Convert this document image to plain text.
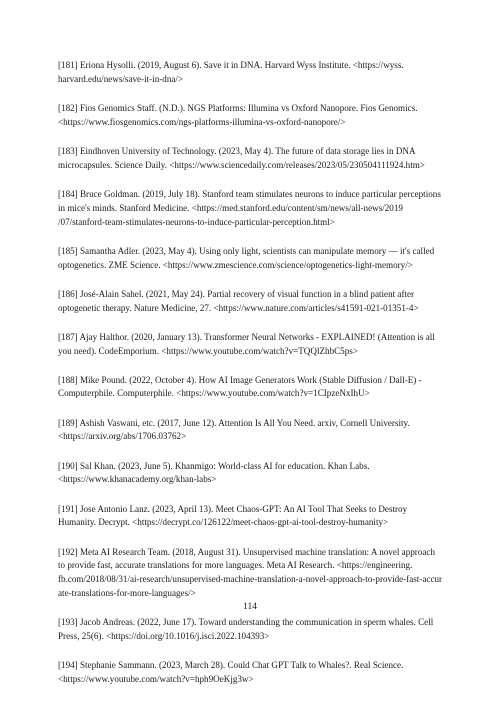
[181] Eriona Hysolli. (2019, August 6). Save it in DNA. Harvard Wyss Institute. <https://wyss.
harvard.edu/news/save-it-in-dna/>
[182] Fios Genomics Staff. (N.D.). NGS Platforms: Illumina vs Oxford Nanopore. Fios Genomics.
<https://www.fiosgenomics.com/ngs-platforms-illumina-vs-oxford-nanopore/>
[183] Eindhoven University of Technology. (2023, May 4). The future of data storage lies in DNA
microcapsules. Science Daily. <https://www.sciencedaily.com/releases/2023/05/230504111924.htm>
[184] Bruce Goldman. (2019, July 18). Stanford team stimulates neurons to induce particular perceptions
in mice's minds. Stanford Medicine. <https://med.stanford.edu/content/sm/news/all-news/2019
/07/stanford-team-stimulates-neurons-to-induce-particular-perception.html>
[185] Samantha Adler. (2023, May 4). Using only light, scientists can manipulate memory — it's called
optogenetics. ZME Science. <https://www.zmescience.com/science/optogenetics-light-memory/>
[186] José-Alain Sahel. (2021, May 24). Partial recovery of visual function in a blind patient after
optogenetic therapy. Nature Medicine, 27. <https://www.nature.com/articles/s41591-021-01351-4>
[187] Ajay Halthor. (2020, January 13). Transformer Neural Networks - EXPLAINED! (Attention is all
you need). CodeEmporium. <https://www.youtube.com/watch?v=TQQlZhbC5ps>
[188] Mike Pound. (2022, October 4). How AI Image Generators Work (Stable Diffusion / Dall-E) -
Computerphile. Computerphile. <https://www.youtube.com/watch?v=1CIpzeNxIhU>
[189] Ashish Vaswani, etc. (2017, June 12). Attention Is All You Need. arxiv, Cornell University.
<https://arxiv.org/abs/1706.03762>
[190] Sal Khan. (2023, June 5). Khanmigo: World-class AI for education. Khan Labs.
<https://www.khanacademy.org/khan-labs>
[191] Jose Antonio Lanz. (2023, April 13). Meet Chaos-GPT: An AI Tool That Seeks to Destroy
Humanity. Decrypt. <https://decrypt.co/126122/meet-chaos-gpt-ai-tool-destroy-humanity>
[192] Meta AI Research Team. (2018, August 31). Unsupervised machine translation: A novel approach
to provide fast, accurate translations for more languages. Meta AI Research. <https://engineering.
fb.com/2018/08/31/ai-research/unsupervised-machine-translation-a-novel-approach-to-provide-fast-accur
ate-translations-for-more-languages/>
[193] Jacob Andreas. (2022, June 17). Toward understanding the communication in sperm whales. Cell
Press, 25(6). <https://doi.org/10.1016/j.isci.2022.104393>
[194] Stephanie Sammann. (2023, March 28). Could Chat GPT Talk to Whales?. Real Science.
<https://www.youtube.com/watch?v=hph9OeKjg3w>
114
